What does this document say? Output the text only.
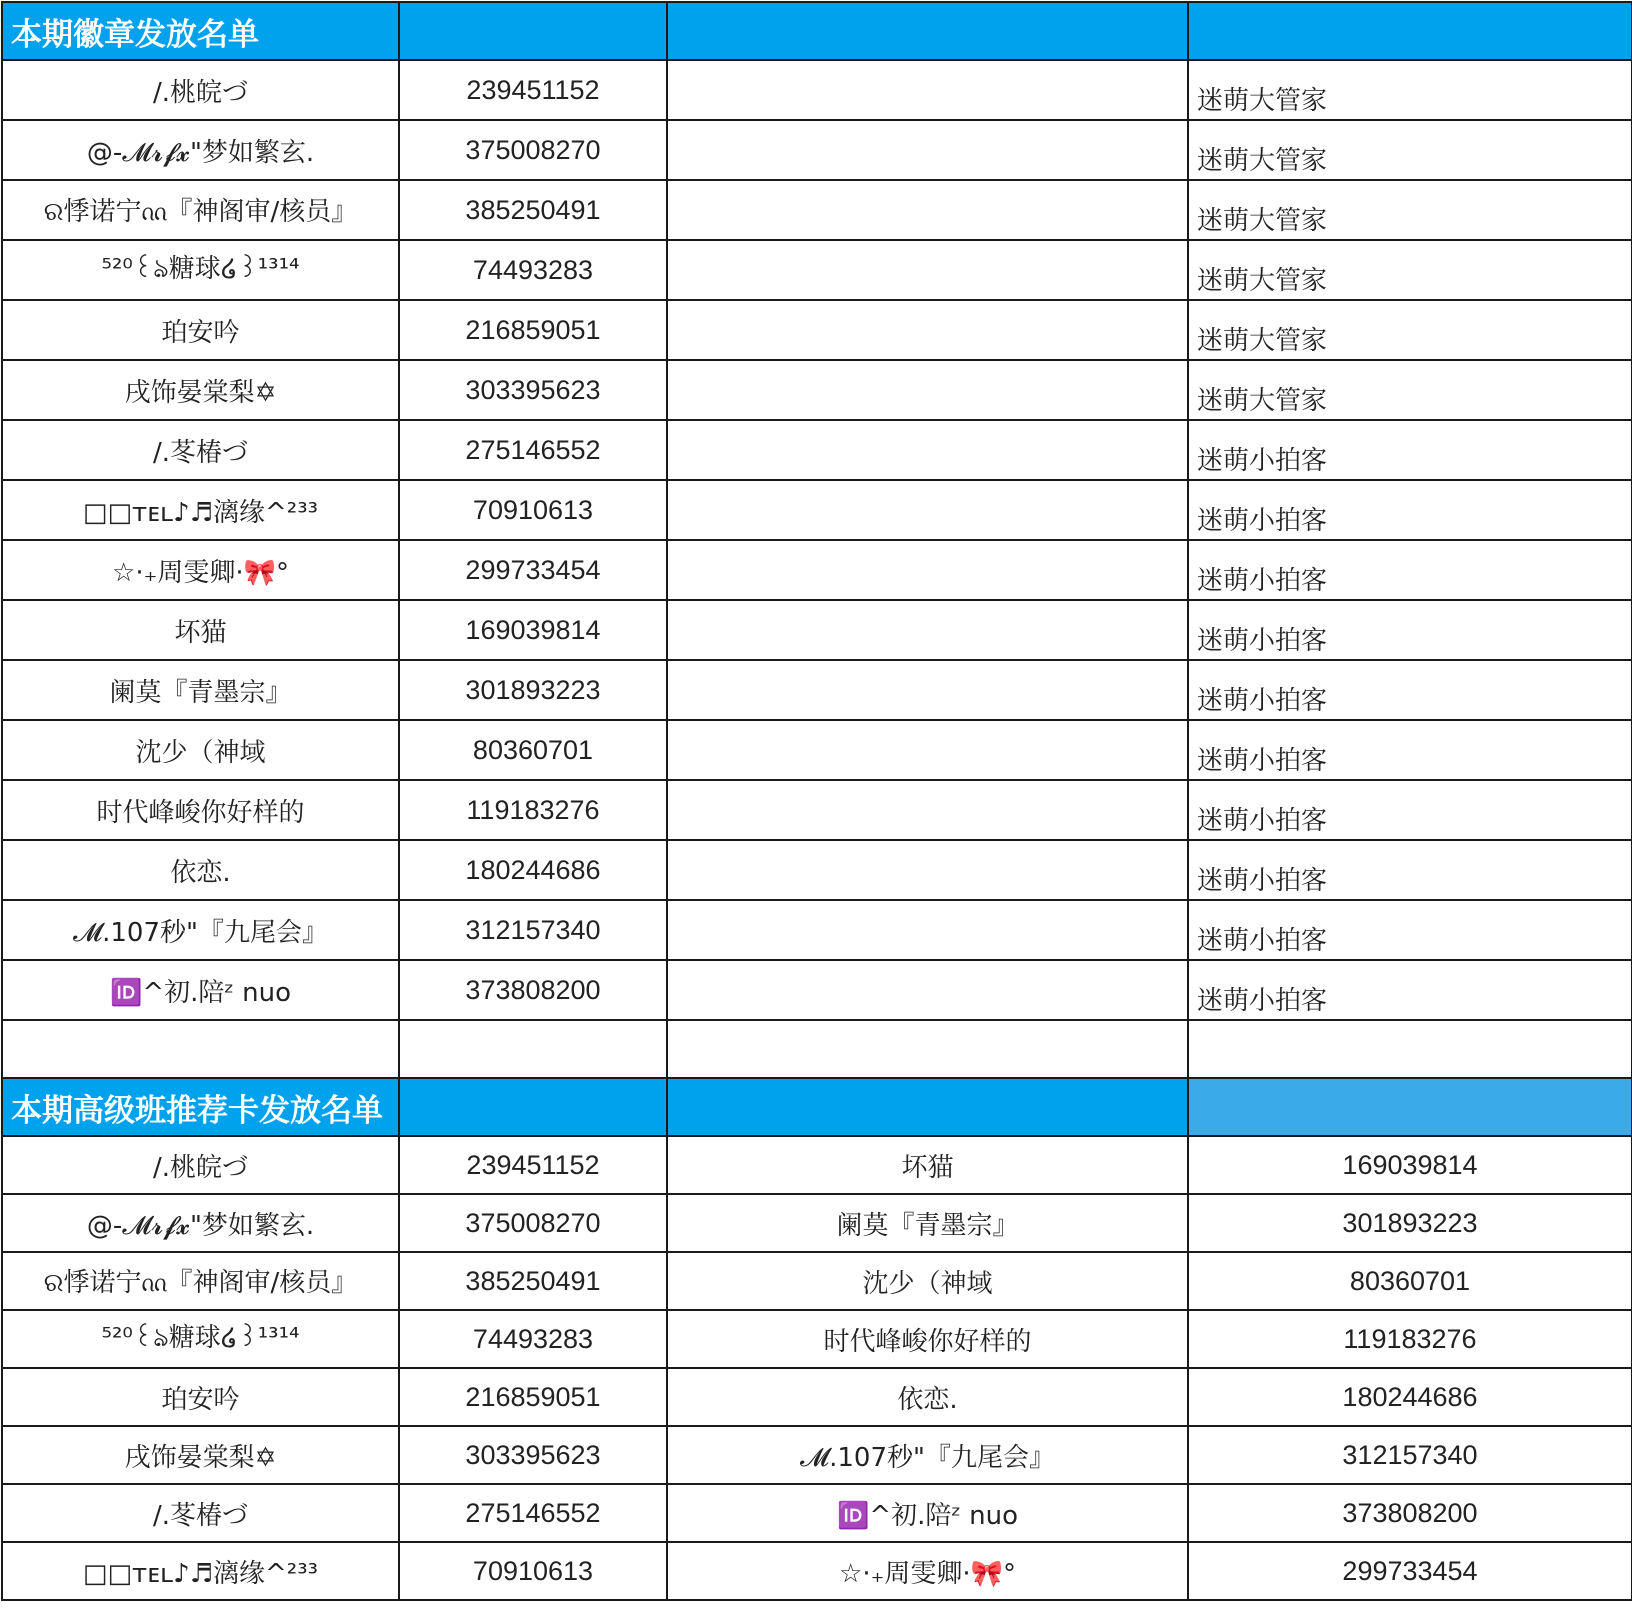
本期徽章发放名单			
/.桃皖づ	239451152		迷萌大管家
@-𝓜𝓻𝓯𝔁"梦如繁玄.	375008270		迷萌大管家
ର悸诺宁ᦶ『神阁审/核员』	385250491		迷萌大管家
⁵²⁰꒰ঌ糖球໒꒱¹³¹⁴	74493283		迷萌大管家
珀安吟	216859051		迷萌大管家
戌饰晏棠梨✡	303395623		迷萌大管家
/.苳椿づ	275146552		迷萌小拍客
□□ᴛᴇʟ♪♬漓缘^²³³	70910613		迷萌小拍客
☆·₊周雯卿·🎀°	299733454		迷萌小拍客
坏猫	169039814		迷萌小拍客
阑莫『青墨宗』	301893223		迷萌小拍客
沈少（神域	80360701		迷萌小拍客
时代峰峻你好样的	119183276		迷萌小拍客
依恋.	180244686		迷萌小拍客
𝓜.107秒"『九尾会』	312157340		迷萌小拍客
🆔^初.陪ᶻ nuo	373808200		迷萌小拍客

本期高级班推荐卡发放名单			
/.桃皖づ	239451152	坏猫	169039814
@-𝓜𝓻𝓯𝔁"梦如繁玄.	375008270	阑莫『青墨宗』	301893223
ର悸诺宁ᦶ『神阁审/核员』	385250491	沈少（神域	80360701
⁵²⁰꒰ঌ糖球໒꒱¹³¹⁴	74493283	时代峰峻你好样的	119183276
珀安吟	216859051	依恋.	180244686
戌饰晏棠梨✡	303395623	𝓜.107秒"『九尾会』	312157340
/.苳椿づ	275146552	🆔^初.陪ᶻ nuo	373808200
□□ᴛᴇʟ♪♬漓缘^²³³	70910613	☆·₊周雯卿·🎀°	299733454
